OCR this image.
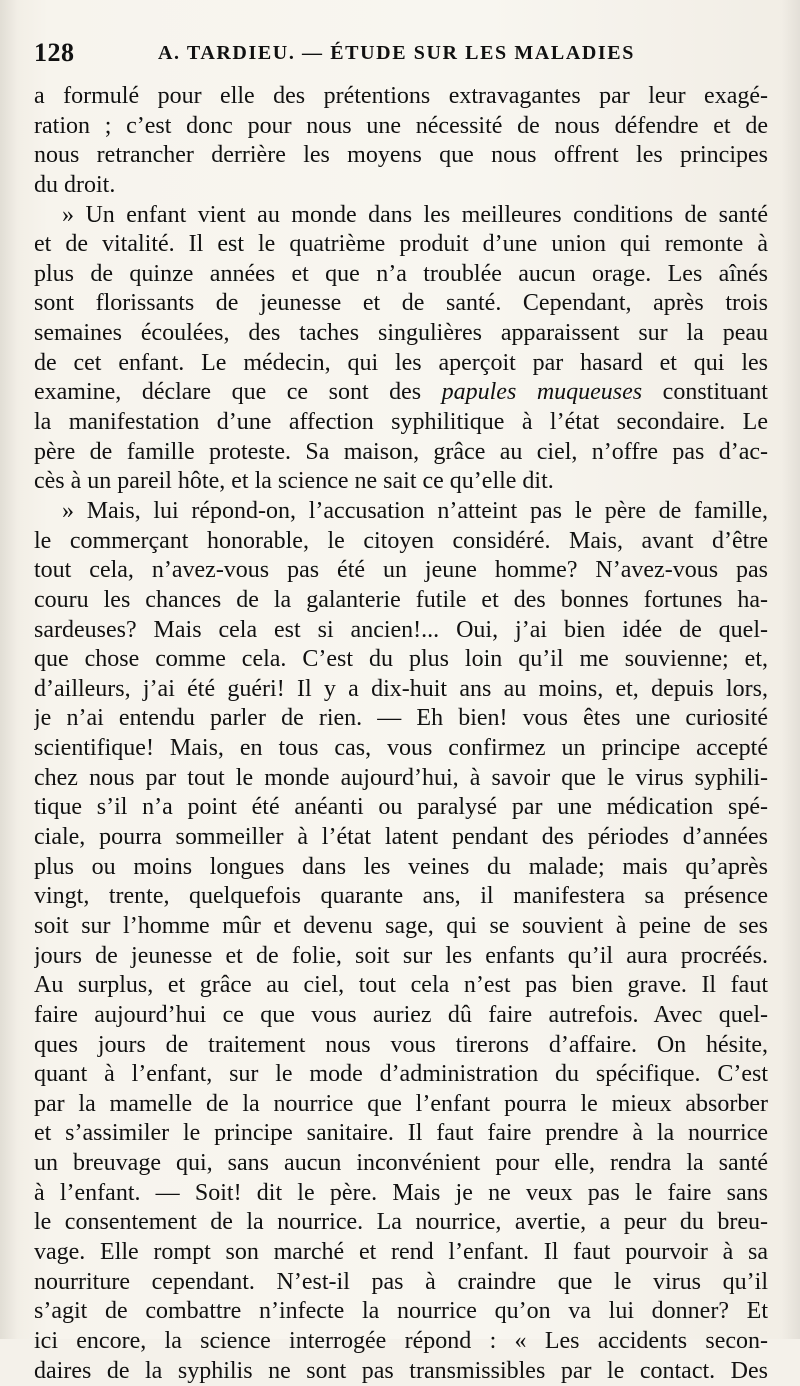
128	A. TARDIEU. — ÉTUDE SUR LES MALADIES
a formulé pour elle des prétentions extravagantes par leur exagé-
ration ; c’est donc pour nous une nécessité de nous défendre et de
nous retrancher derrière les moyens que nous offrent les principes
du droit.
» Un enfant vient au monde dans les meilleures conditions de santé
et de vitalité. Il est le quatrième produit d’une union qui remonte à
plus de quinze années et que n’a troublée aucun orage. Les aînés
sont florissants de jeunesse et de santé. Cependant, après trois
semaines écoulées, des taches singulières apparaissent sur la peau
de cet enfant. Le médecin, qui les aperçoit par hasard et qui les
examine, déclare que ce sont des papules muqueuses constituant
la manifestation d’une affection syphilitique à l’état secondaire. Le
père de famille proteste. Sa maison, grâce au ciel, n’offre pas d’ac-
cès à un pareil hôte, et la science ne sait ce qu’elle dit.
» Mais, lui répond-on, l’accusation n’atteint pas le père de famille,
le commerçant honorable, le citoyen considéré. Mais, avant d’être
tout cela, n’avez-vous pas été un jeune homme? N’avez-vous pas
couru les chances de la galanterie futile et des bonnes fortunes ha-
sardeuses? Mais cela est si ancien!... Oui, j’ai bien idée de quel-
que chose comme cela. C’est du plus loin qu’il me souvienne; et,
d’ailleurs, j’ai été guéri! Il y a dix-huit ans au moins, et, depuis lors,
je n’ai entendu parler de rien. — Eh bien! vous êtes une curiosité
scientifique! Mais, en tous cas, vous confirmez un principe accepté
chez nous par tout le monde aujourd’hui, à savoir que le virus syphili-
tique s’il n’a point été anéanti ou paralysé par une médication spé-
ciale, pourra sommeiller à l’état latent pendant des périodes d’années
plus ou moins longues dans les veines du malade; mais qu’après
vingt, trente, quelquefois quarante ans, il manifestera sa présence
soit sur l’homme mûr et devenu sage, qui se souvient à peine de ses
jours de jeunesse et de folie, soit sur les enfants qu’il aura procréés.
Au surplus, et grâce au ciel, tout cela n’est pas bien grave. Il faut
faire aujourd’hui ce que vous auriez dû faire autrefois. Avec quel-
ques jours de traitement nous vous tirerons d’affaire. On hésite,
quant à l’enfant, sur le mode d’administration du spécifique. C’est
par la mamelle de la nourrice que l’enfant pourra le mieux absorber
et s’assimiler le principe sanitaire. Il faut faire prendre à la nourrice
un breuvage qui, sans aucun inconvénient pour elle, rendra la santé
à l’enfant. — Soit! dit le père. Mais je ne veux pas le faire sans
le consentement de la nourrice. La nourrice, avertie, a peur du breu-
vage. Elle rompt son marché et rend l’enfant. Il faut pourvoir à sa
nourriture cependant. N’est-il pas à craindre que le virus qu’il
s’agit de combattre n’infecte la nourrice qu’on va lui donner? Et
ici encore, la science interrogée répond : « Les accidents secon-
daires de la syphilis ne sont pas transmissibles par le contact. Des
